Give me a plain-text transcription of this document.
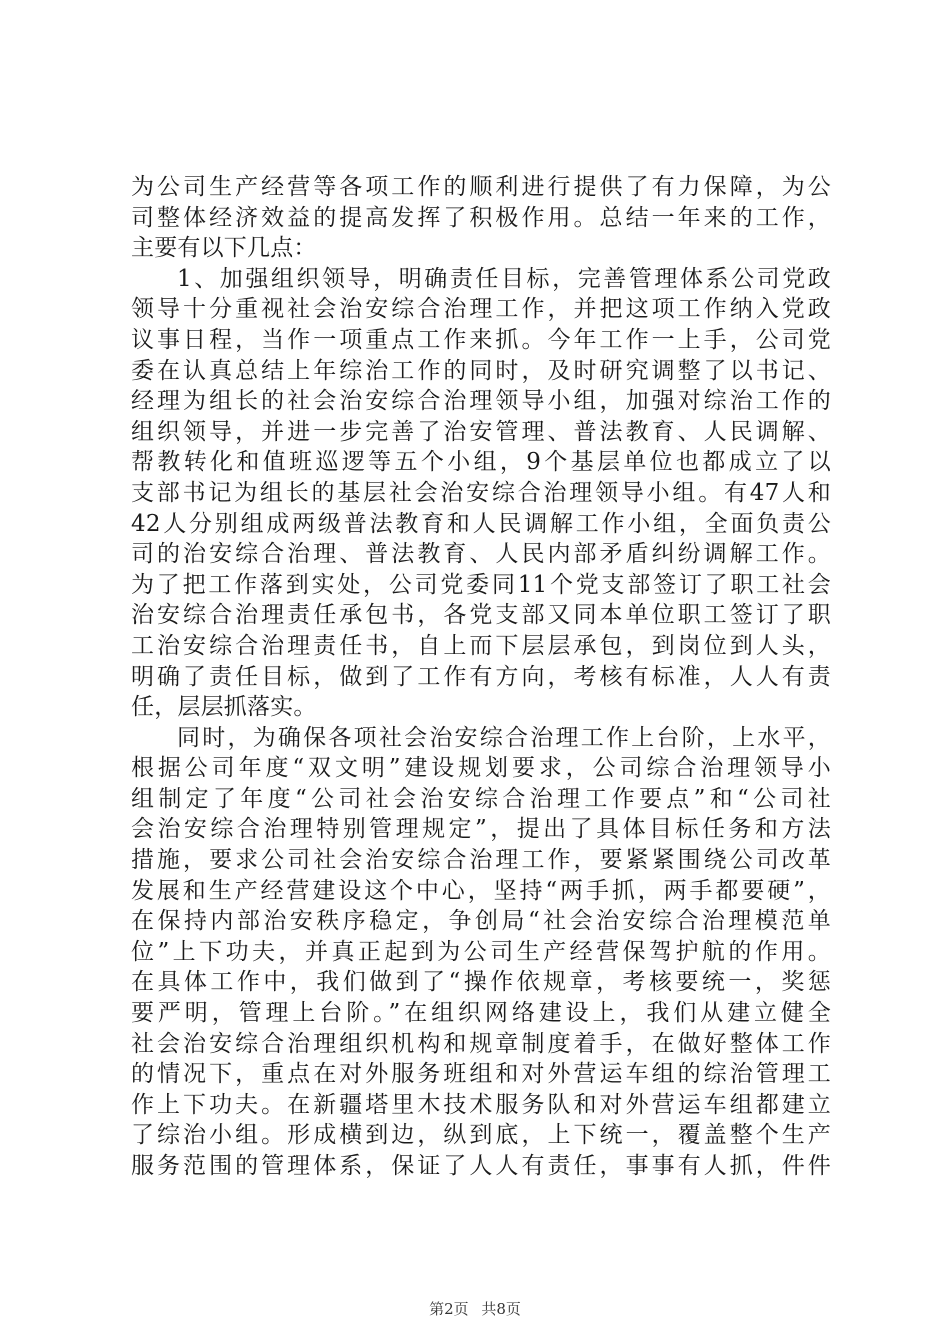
为公司生产经营等各项工作的顺利进行提供了有力保障，为公
司整体经济效益的提高发挥了积极作用。总结一年来的工作，
主要有以下几点：
1、加强组织领导，明确责任目标，完善管理体系公司党政
领导十分重视社会治安综合治理工作，并把这项工作纳入党政
议事日程，当作一项重点工作来抓。今年工作一上手，公司党
委在认真总结上年综治工作的同时，及时研究调整了以书记、
经理为组长的社会治安综合治理领导小组，加强对综治工作的
组织领导，并进一步完善了治安管理、普法教育、人民调解、
帮教转化和值班巡逻等五个小组，9个基层单位也都成立了以
支部书记为组长的基层社会治安综合治理领导小组。有47人和
42人分别组成两级普法教育和人民调解工作小组，全面负责公
司的治安综合治理、普法教育、人民内部矛盾纠纷调解工作。
为了把工作落到实处，公司党委同11个党支部签订了职工社会
治安综合治理责任承包书，各党支部又同本单位职工签订了职
工治安综合治理责任书，自上而下层层承包，到岗位到人头，
明确了责任目标，做到了工作有方向，考核有标准，人人有责
任，层层抓落实。
同时，为确保各项社会治安综合治理工作上台阶，上水平，
根据公司年度“双文明”建设规划要求，公司综合治理领导小
组制定了年度“公司社会治安综合治理工作要点”和“公司社
会治安综合治理特别管理规定”，提出了具体目标任务和方法
措施，要求公司社会治安综合治理工作，要紧紧围绕公司改革
发展和生产经营建设这个中心，坚持“两手抓，两手都要硬”，
在保持内部治安秩序稳定，争创局“社会治安综合治理模范单
位”上下功夫，并真正起到为公司生产经营保驾护航的作用。
在具体工作中，我们做到了“操作依规章，考核要统一，奖惩
要严明，管理上台阶。”在组织网络建设上，我们从建立健全
社会治安综合治理组织机构和规章制度着手，在做好整体工作
的情况下，重点在对外服务班组和对外营运车组的综治管理工
作上下功夫。在新疆塔里木技术服务队和对外营运车组都建立
了综治小组。形成横到边，纵到底，上下统一，覆盖整个生产
服务范围的管理体系，保证了人人有责任，事事有人抓，件件
第2页 共8页
